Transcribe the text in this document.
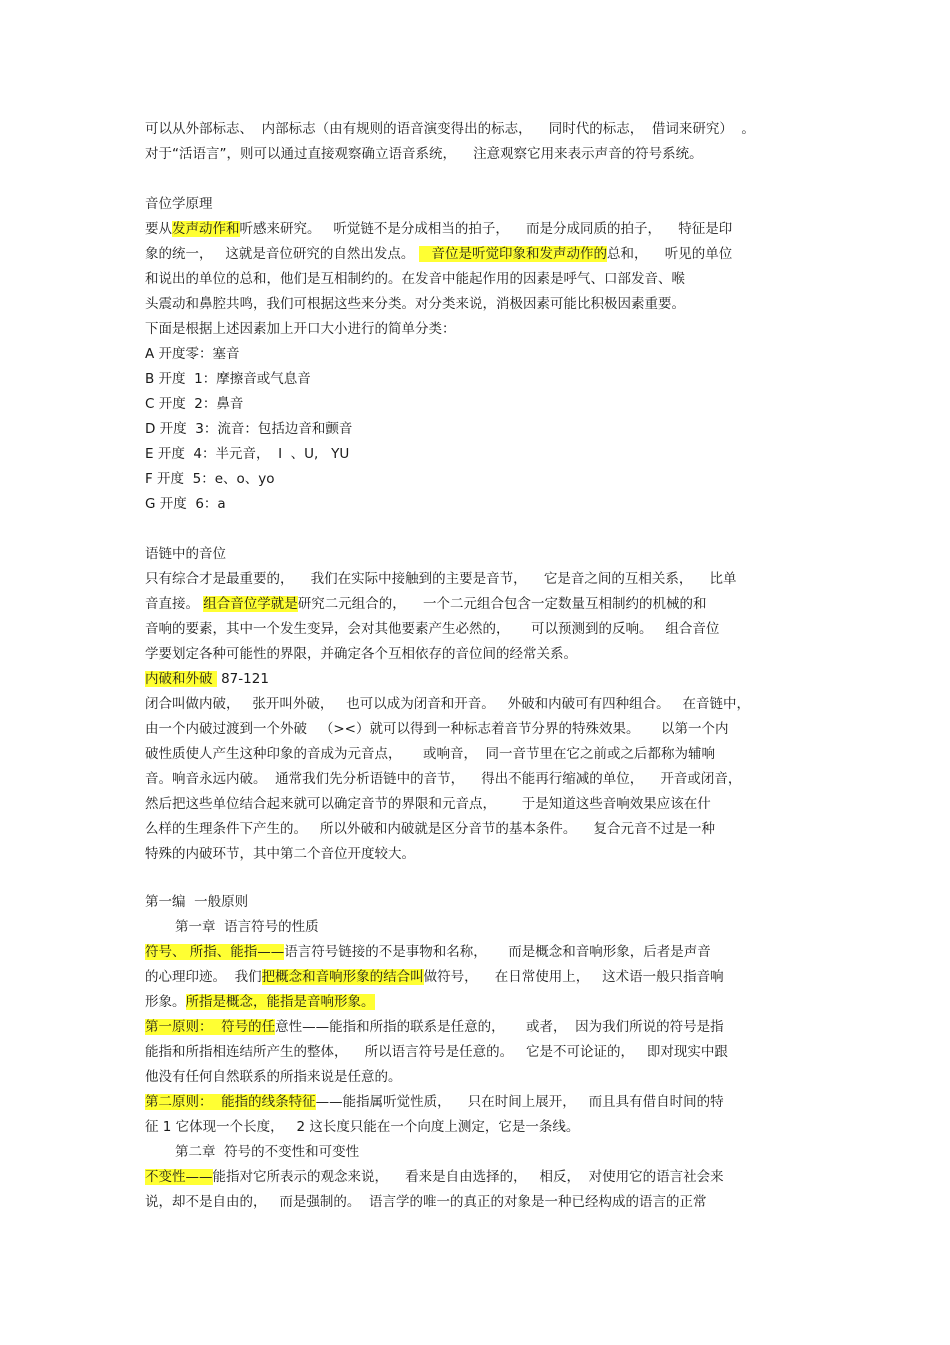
可以从外部标志、  内部标志（由有规则的语音演变得出的标志，    同时代的标志，  借词来研究）  。
对于“活语言”，则可以通过直接观察确立语音系统，    注意观察它用来表示声音的符号系统。
音位学原理
要从发声动作和听感来研究。   听觉链不是分成相当的拍子，    而是分成同质的拍子，    特征是印
象的统一，   这就是音位研究的自然出发点。    音位是听觉印象和发声动作的总和，    听见的单位
和说出的单位的总和，他们是互相制约的。在发音中能起作用的因素是呼气、口部发音、喉
头震动和鼻腔共鸣，我们可根据这些来分类。对分类来说，消极因素可能比积极因素重要。
下面是根据上述因素加上开口大小进行的简单分类：
A 开度零：塞音
B 开度  1：摩擦音或气息音
C 开度  2：鼻音
D 开度  3：流音：包括边音和颤音
E 开度  4：半元音，  I  、U,   YU
F 开度  5：e、o、yo
G 开度  6：a
语链中的音位
只有综合才是最重要的，    我们在实际中接触到的主要是音节，    它是音之间的互相关系，    比单
音直接。 组合音位学就是研究二元组合的，    一个二元组合包含一定数量互相制约的机械的和
音响的要素，其中一个发生变异，会对其他要素产生必然的，     可以预测到的反响。   组合音位
学要划定各种可能性的界限，并确定各个互相依存的音位间的经常关系。
内破和外破  87-121
闭合叫做内破，   张开叫外破，   也可以成为闭音和开音。   外破和内破可有四种组合。   在音链中，
由一个内破过渡到一个外破   （><）就可以得到一种标志着音节分界的特殊效果。     以第一个内
破性质使人产生这种印象的音成为元音点，     或响音，  同一音节里在它之前或之后都称为辅响
音。响音永远内破。  通常我们先分析语链中的音节，    得出不能再行缩减的单位，    开音或闭音，
然后把这些单位结合起来就可以确定音节的界限和元音点，      于是知道这些音响效果应该在什
么样的生理条件下产生的。   所以外破和内破就是区分音节的基本条件。    复合元音不过是一种
特殊的内破环节，其中第二个音位开度较大。
第一编  一般原则
第一章  语言符号的性质
符号、 所指、能指——语言符号链接的不是事物和名称，     而是概念和音响形象，后者是声音
的心理印迹。  我们把概念和音响形象的结合叫做符号，    在日常使用上，   这术语一般只指音响
形象。所指是概念，能指是音响形象。
第一原则：  符号的任意性——能指和所指的联系是任意的，     或者，  因为我们所说的符号是指
能指和所指相连结所产生的整体，    所以语言符号是任意的。   它是不可论证的，   即对现实中跟
他没有任何自然联系的所指来说是任意的。
第二原则：  能指的线条特征——能指属听觉性质，    只在时间上展开，   而且具有借自时间的特
征 1 它体现一个长度，   2 这长度只能在一个向度上测定，它是一条线。
第二章  符号的不变性和可变性
不变性——能指对它所表示的观念来说，    看来是自由选择的，   相反，  对使用它的语言社会来
说，却不是自由的，   而是强制的。  语言学的唯一的真正的对象是一种已经构成的语言的正常
